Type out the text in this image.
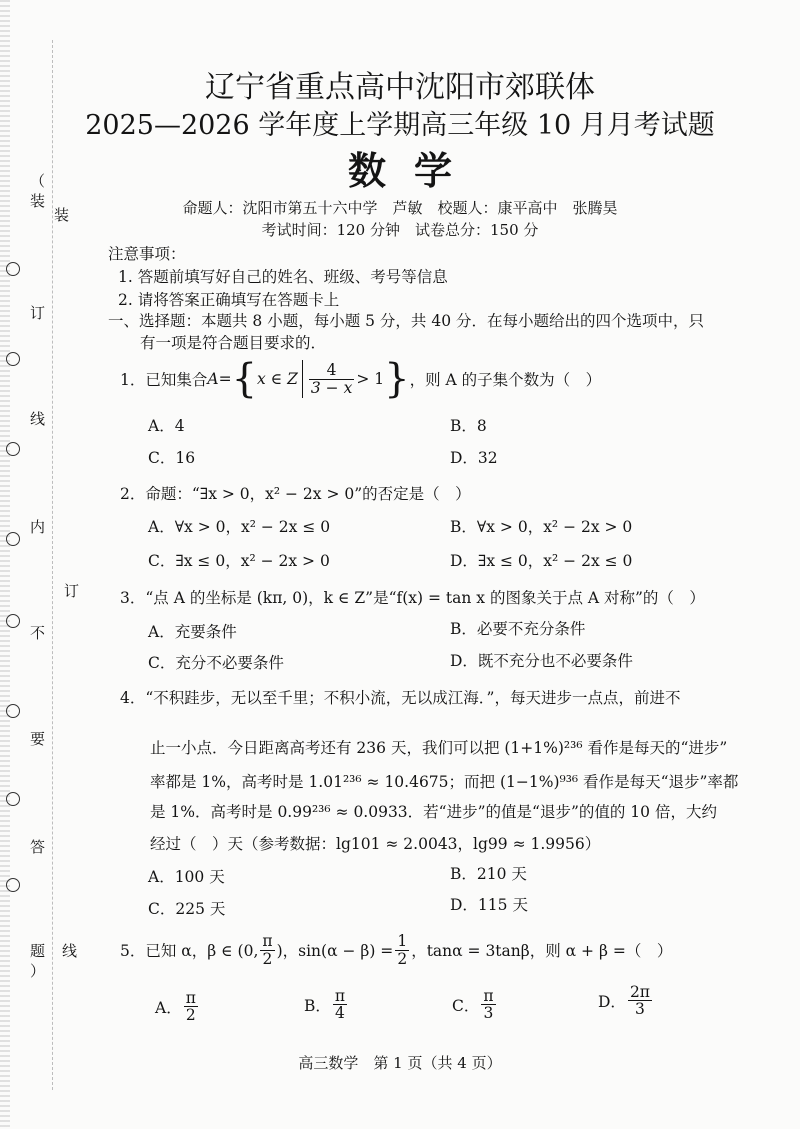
（
装
订
线
内
不
要
答
题
）
装
订
线
辽宁省重点高中沈阳市郊联体
2025—2026 学年度上学期高三年级 10 月月考试题
数学
命题人：沈阳市第五十六中学　芦敏　校题人：康平高中　张腾昊
考试时间：120 分钟　试卷总分：150 分
注意事项：
1. 答题前填写好自己的姓名、班级、考号等信息
2. 请将答案正确填写在答题卡上
一、选择题：本题共 8 小题，每小题 5 分，共 40 分．在每小题给出的四个选项中，只
有一项是符合题目要求的．
1． 已知集合 A = { x ∈ Z $\frac{4}{3 - x} > 1$ } ，则 A 的子集个数为（　）
A．4	B．8
C．16	D．32
2．命题：“∃x > 0，x² − 2x > 0”的否定是（　）
A．∀x > 0，x² − 2x ≤ 0	B．∀x > 0，x² − 2x > 0
C．∃x ≤ 0，x² − 2x > 0	D．∃x ≤ 0，x² − 2x ≤ 0
3．“点 A 的坐标是 (kπ, 0)，k ∈ Z”是“f(x) = tan x 的图象关于点 A 对称”的（　）
A．充要条件	B．必要不充分条件
C．充分不必要条件	D．既不充分也不必要条件
4．“不积跬步，无以至千里；不积小流，无以成江海．”，每天进步一点点，前进不
止一小点．今日距离高考还有 236 天，我们可以把 (1+1%)²³⁶ 看作是每天的“进步”
率都是 1%，高考时是 1.01²³⁶ ≈ 10.4675；而把 (1−1%)⁹³⁶ 看作是每天“退步”率都
是 1%．高考时是 0.99²³⁶ ≈ 0.0933．若“进步”的值是“退步”的值的 10 倍，大约
经过（　）天（参考数据：lg101 ≈ 2.0043，lg99 ≈ 1.9956）
A．100 天	B．210 天
C．225 天	D．115 天
5．已知 α，β ∈ (0, $\frac{\pi}{2}$ )，$\sin(\alpha - \beta) = \frac{1}{2}$ ，tanα = 3tanβ，则 α + β =（　）
A． $\frac{\pi}{2}$	B． $\frac{\pi}{4}$	C． $\frac{\pi}{3}$	D． $\frac{2\pi}{3}$
高三数学　第 1 页（共 4 页）
